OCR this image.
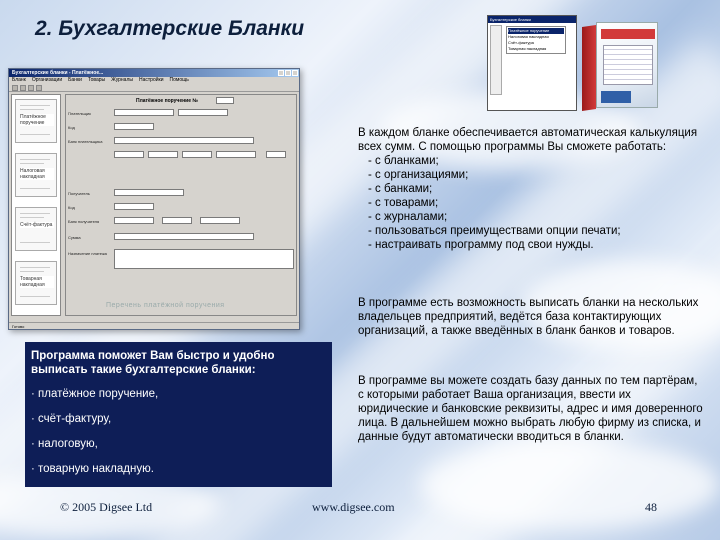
2. Бухгалтерские Бланки
Бухгалтерские бланки - Платёжное...
Бланк Организации Банки Товары Журналы Настройки Помощь
Платёжное поручение
Налоговая накладная
Счёт-фактура
Товарная накладная
Платёжное поручение №
Плательщик
Код
Банк плательщика
Получатель
Код
Банк получателя
Сумма
Назначение платежа
Перечень платёжной поручения
Готово
Бухгалтерские бланки
Платёжное поручение
Налоговая накладная
Счёт-фактура
Товарная накладная
В каждом бланке обеспечивается автоматическая калькуляция всех сумм. С помощью программы Вы сможете работать:
- с бланками;
- с организациями;
- с банками;
- с товарами;
- с журналами;
- пользоваться преимуществами опции печати;
- настраивать программу под свои нужды.
В программе есть возможность выписать бланки на нескольких владельцев предприятий, ведётся база контактирующих организаций, а также введённых в бланк банков и товаров.
В программе вы можете создать базу данных по тем партёрам, с которыми работает Ваша организация, ввести их юридические и банковские реквизиты, адрес и имя доверенного лица. В дальнейшем можно выбрать любую фирму из списка, и данные будут автоматически вводиться в бланки.
Программа поможет Вам быстро и удобно выписать такие бухгалтерские бланки:
· платёжное поручение,
· счёт-фактуру,
· налоговую,
· товарную накладную.
© 2005 Digsee Ltd	www.digsee.com	48
